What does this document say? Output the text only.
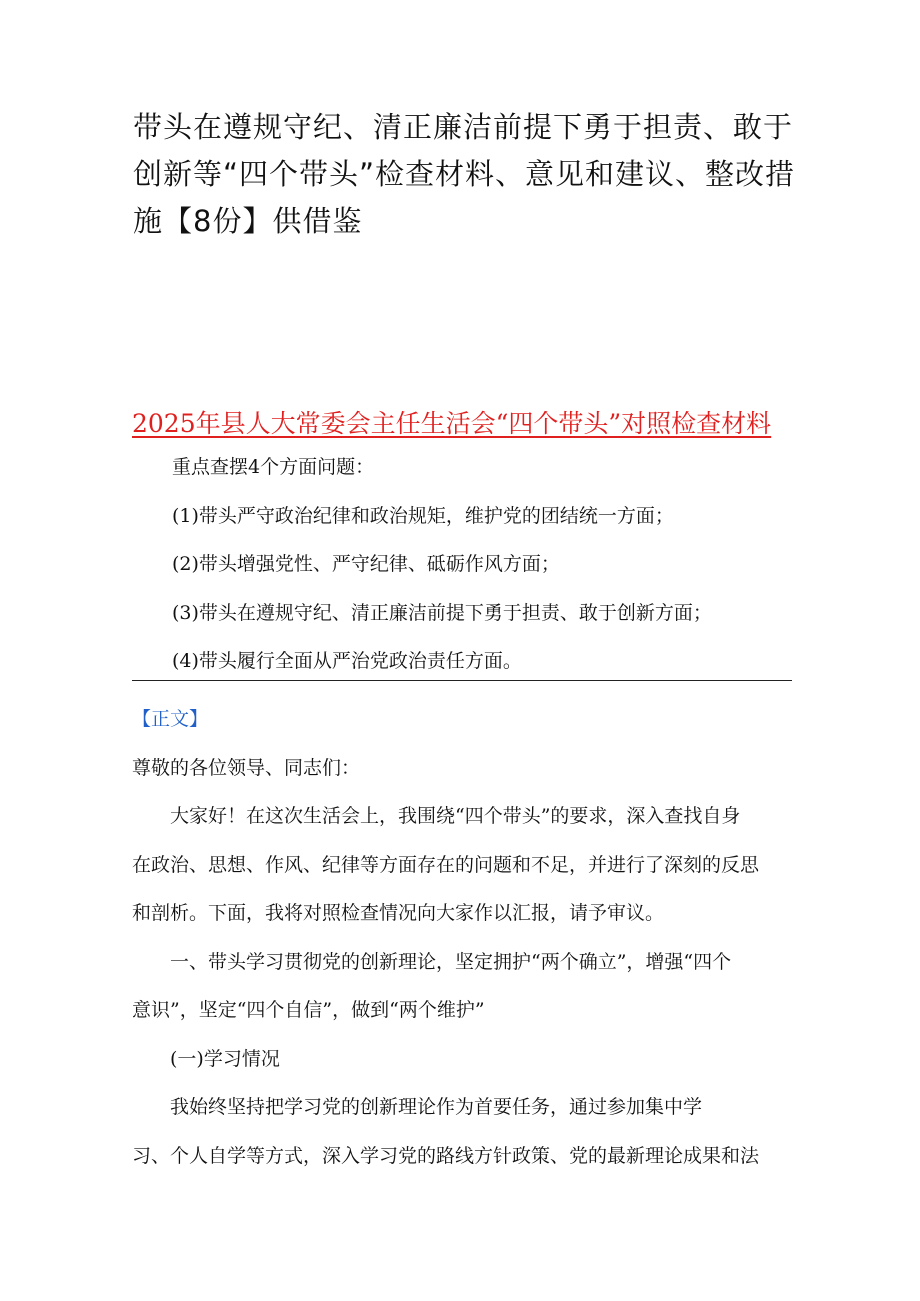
带头在遵规守纪、清正廉洁前提下勇于担责、敢于创新等“四个带头”检查材料、意见和建议、整改措施【8份】供借鉴
2025年县人大常委会主任生活会“四个带头”对照检查材料
重点查摆4个方面问题：
(1)带头严守政治纪律和政治规矩，维护党的团结统一方面；
(2)带头增强党性、严守纪律、砥砺作风方面；
(3)带头在遵规守纪、清正廉洁前提下勇于担责、敢于创新方面；
(4)带头履行全面从严治党政治责任方面。
【正文】
尊敬的各位领导、同志们：
大家好！在这次生活会上，我围绕“四个带头”的要求，深入查找自身
在政治、思想、作风、纪律等方面存在的问题和不足，并进行了深刻的反思
和剖析。下面，我将对照检查情况向大家作以汇报，请予审议。
一、带头学习贯彻党的创新理论，坚定拥护“两个确立”，增强“四个
意识”，坚定“四个自信”，做到“两个维护”
(一)学习情况
我始终坚持把学习党的创新理论作为首要任务，通过参加集中学
习、个人自学等方式，深入学习党的路线方针政策、党的最新理论成果和法
